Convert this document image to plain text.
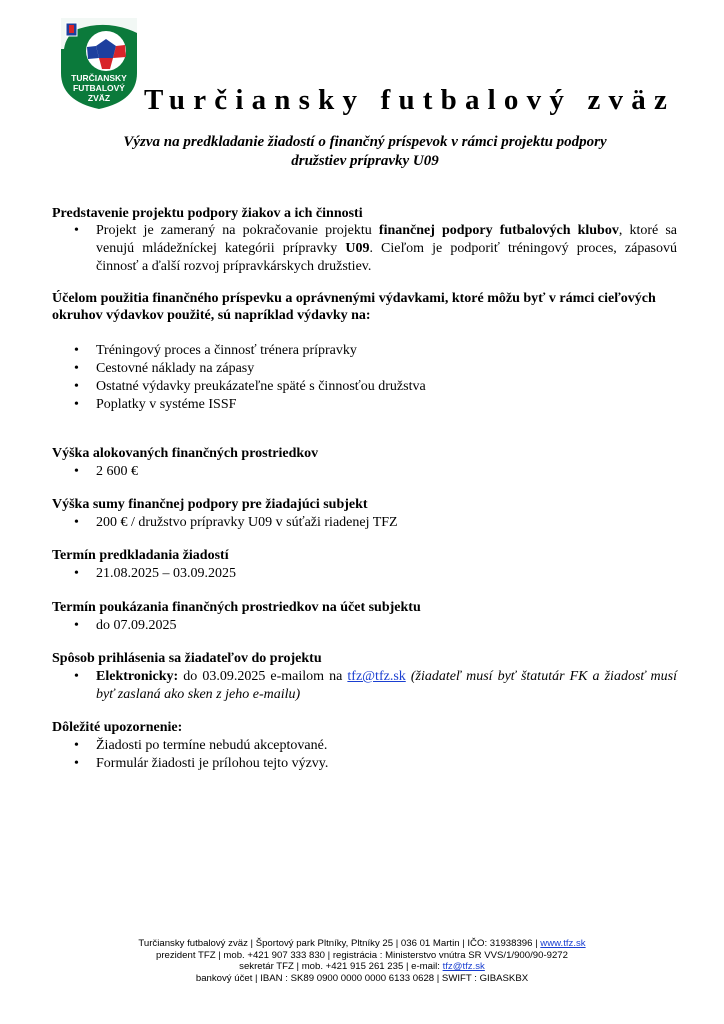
TURČIANSKY
FUTBALOVÝ
ZVÄZ Turčiansky futbalový zväz
Výzva na predkladanie žiadostí o finančný príspevok v rámci projektu podpory
družstiev prípravky U09
Predstavenie projektu podpory žiakov a ich činnosti
• Projekt je zameraný na pokračovanie projektu finančnej podpory futbalových klubov, ktoré sa venujú mládežníckej kategórii prípravky U09. Cieľom je podporiť tréningový proces, zápasovú činnosť a ďalší rozvoj prípravkárskych družstiev.
Účelom použitia finančného príspevku a oprávnenými výdavkami, ktoré môžu byť v rámci cieľových okruhov výdavkov použité, sú napríklad výdavky na:
• Tréningový proces a činnosť trénera prípravky
• Cestovné náklady na zápasy
• Ostatné výdavky preukázateľne späté s činnosťou družstva
• Poplatky v systéme ISSF
Výška alokovaných finančných prostriedkov
• 2 600 €
Výška sumy finančnej podpory pre žiadajúci subjekt
• 200 € / družstvo prípravky U09 v súťaži riadenej TFZ
Termín predkladania žiadostí
• 21.08.2025 – 03.09.2025
Termín poukázania finančných prostriedkov na účet subjektu
• do 07.09.2025
Spôsob prihlásenia sa žiadateľov do projektu
• Elektronicky: do 03.09.2025 e-mailom na tfz@tfz.sk (žiadateľ musí byť štatutár FK a žiadosť musí
byť zaslaná ako sken z jeho e-mailu)
Dôležité upozornenie:
• Žiadosti po termíne nebudú akceptované.
• Formulár žiadosti je prílohou tejto výzvy.
Turčiansky futbalový zväz | Športový park Pltníky, Pltníky 25 | 036 01 Martin | IČO: 31938396 | www.tfz.sk
prezident TFZ | mob. +421 907 333 830 | registrácia : Ministerstvo vnútra SR VVS/1/900/90-9272
sekretár TFZ | mob. +421 915 261 235 | e-mail: tfz@tfz.sk
bankový účet | IBAN : SK89 0900 0000 0000 6133 0628 | SWIFT : GIBASKBX
